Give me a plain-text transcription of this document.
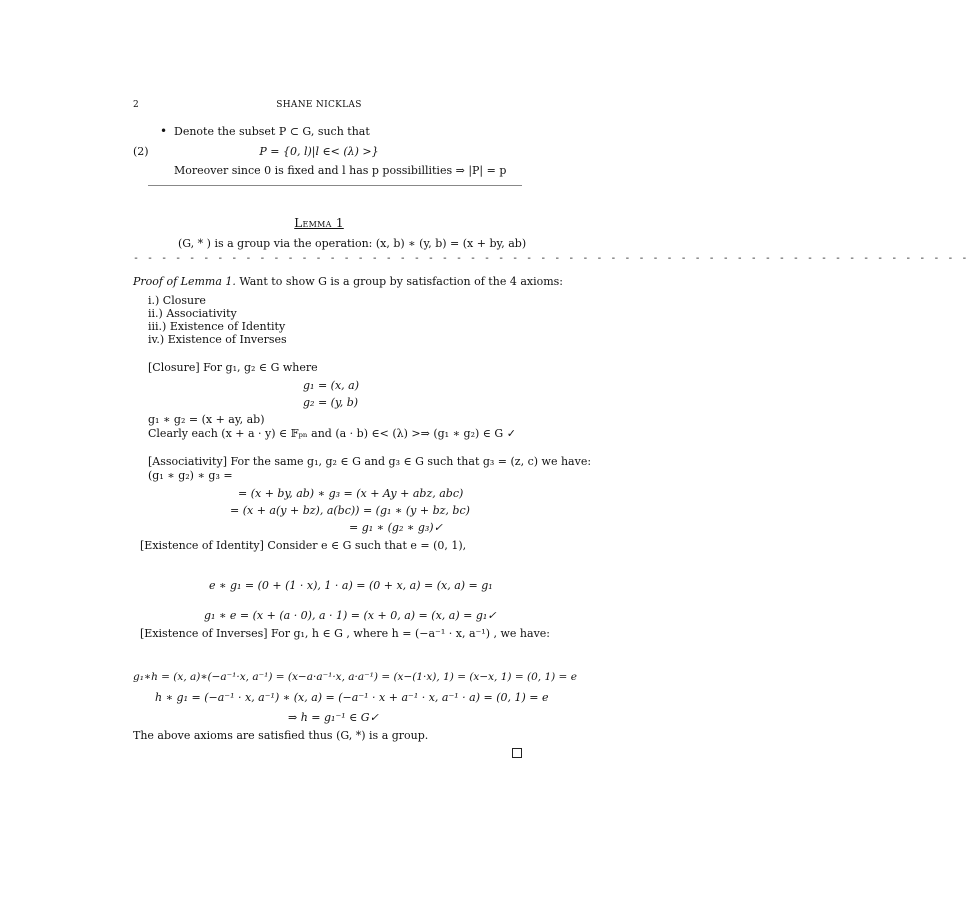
2	SHANE NICKLAS
• Denote the subset P ⊂ G, such that
(2)	P = {0, l)|l ∈< (λ) >}
Moreover since 0 is fixed and l has p possibillities ⇒ |P| = p
Lemma 1
(G, * ) is a group via the operation: (x, b) ∗ (y, b) = (x + by, ab)
- - - - - - - - - - - - - - - - - - - - - - - - - - - - - - - - - - - - - - - - - - - - - - - - - - - - - - - - - - - -
Proof of Lemma 1. Want to show G is a group by satisfaction of the 4 axioms:
i.) Closure
ii.) Associativity
iii.) Existence of Identity
iv.) Existence of Inverses
[Closure] For g₁, g₂ ∈ G where
g₁ = (x, a)
g₂ = (y, b)
g₁ ∗ g₂ = (x + ay, ab)
Clearly each (x + a · y) ∈ 𝔽ₚₙ and (a · b) ∈< (λ) >⇒ (g₁ ∗ g₂) ∈ G ✓
[Associativity] For the same g₁, g₂ ∈ G and g₃ ∈ G such that g₃ = (z, c) we have:
(g₁ ∗ g₂) ∗ g₃ =
= (x + by, ab) ∗ g₃ = (x + Ay + abz, abc)
= (x + a(y + bz), a(bc)) = (g₁ ∗ (y + bz, bc)
= g₁ ∗ (g₂ ∗ g₃)✓
[Existence of Identity] Consider e ∈ G such that e = (0, 1),
e ∗ g₁ = (0 + (1 · x), 1 · a) = (0 + x, a) = (x, a) = g₁
g₁ ∗ e = (x + (a · 0), a · 1) = (x + 0, a) = (x, a) = g₁✓
[Existence of Inverses] For g₁, h ∈ G , where h = (−a⁻¹ · x, a⁻¹) , we have:
g₁∗h = (x, a)∗(−a⁻¹·x, a⁻¹) = (x−a·a⁻¹·x, a·a⁻¹) = (x−(1·x), 1) = (x−x, 1) = (0, 1) = e
h ∗ g₁ = (−a⁻¹ · x, a⁻¹) ∗ (x, a) = (−a⁻¹ · x + a⁻¹ · x, a⁻¹ · a) = (0, 1) = e
⇒ h = g₁⁻¹ ∈ G✓
The above axioms are satisfied thus (G, *) is a group.
